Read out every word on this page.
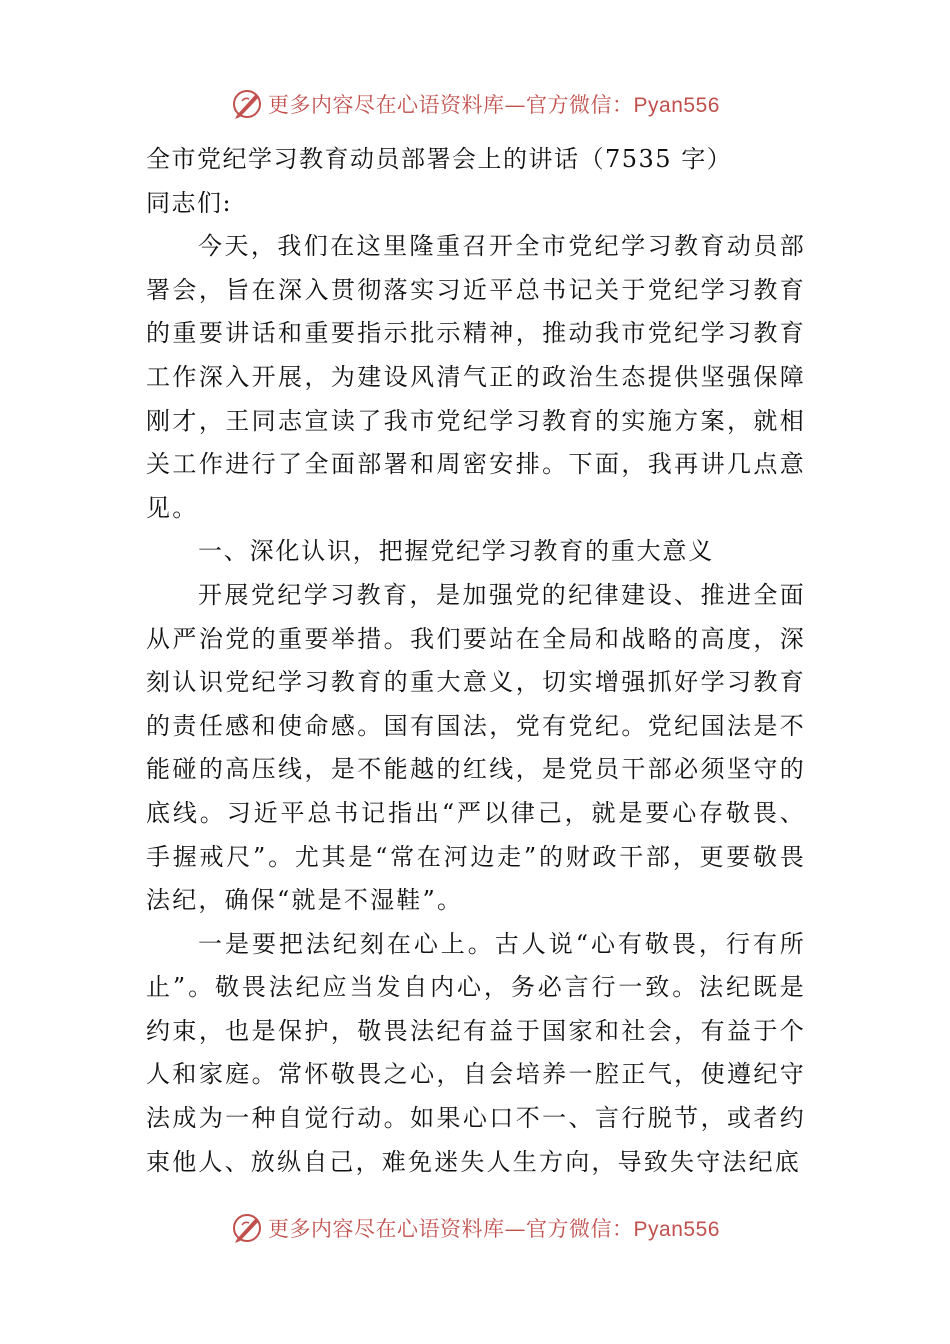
更多内容尽在心语资料库—官方微信：Pyan556
全市党纪学习教育动员部署会上的讲话（7535 字）
同志们:

今天，我们在这里隆重召开全市党纪学习教育动员部署会，旨在深入贯彻落实习近平总书记关于党纪学习教育的重要讲话和重要指示批示精神，推动我市党纪学习教育工作深入开展，为建设风清气正的政治生态提供坚强保障刚才，王同志宣读了我市党纪学习教育的实施方案，就相关工作进行了全面部署和周密安排。下面，我再讲几点意见。

一、深化认识，把握党纪学习教育的重大意义

开展党纪学习教育，是加强党的纪律建设、推进全面从严治党的重要举措。我们要站在全局和战略的高度，深刻认识党纪学习教育的重大意义，切实增强抓好学习教育的责任感和使命感。国有国法，党有党纪。党纪国法是不能碰的高压线，是不能越的红线，是党员干部必须坚守的底线。习近平总书记指出“严以律己，就是要心存敬畏、手握戒尺”。尤其是“常在河边走”的财政干部，更要敬畏法纪，确保“就是不湿鞋”。

一是要把法纪刻在心上。古人说“心有敬畏，行有所止”。敬畏法纪应当发自内心，务必言行一致。法纪既是约束，也是保护，敬畏法纪有益于国家和社会，有益于个人和家庭。常怀敬畏之心，自会培养一腔正气，使遵纪守法成为一种自觉行动。如果心口不一、言行脱节，或者约束他人、放纵自己，难免迷失人生方向，导致失守法纪底

更多内容尽在心语资料库—官方微信：Pyan556
